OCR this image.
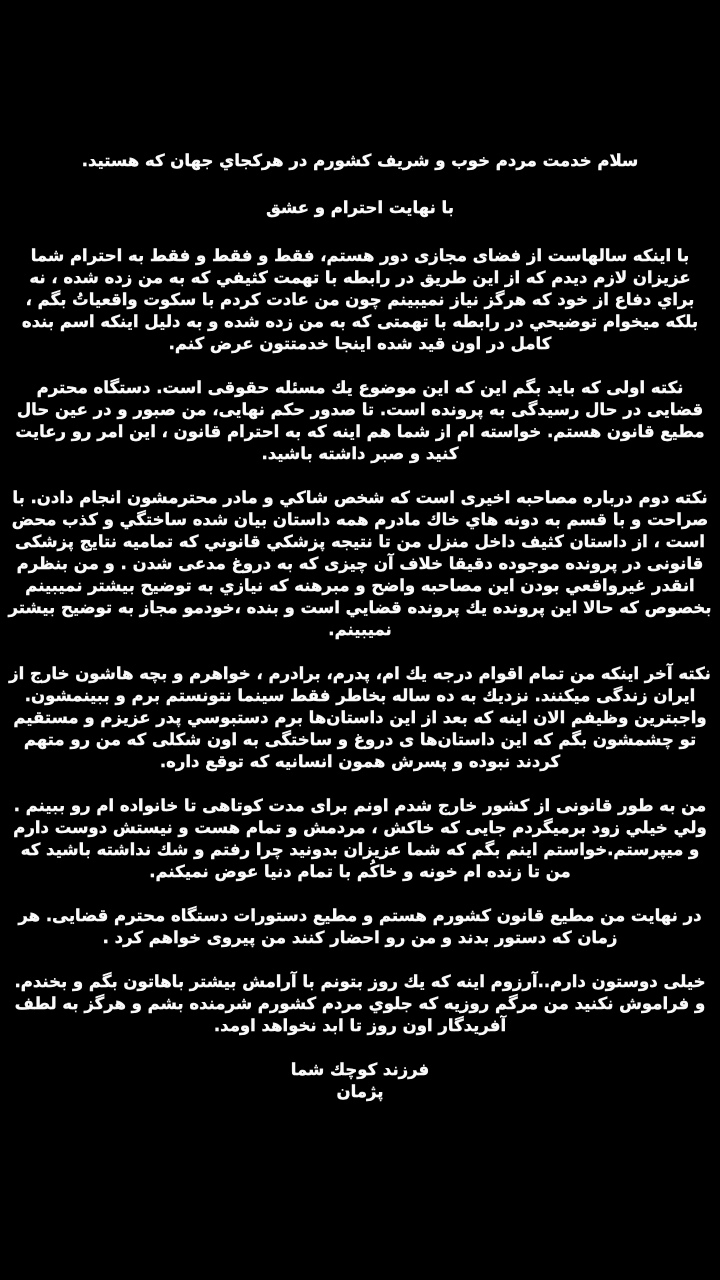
سلام خدمت مردم خوب و شريف كشورم در هركجاي جهان كه هستيد.

با نهايت احترام و عشق

با اينكه سالهاست از فضای مجازی دور هستم، فقط و فقط و فقط به احترام شما عزيزان لازم ديدم كه از اين طريق در رابطه با تهمت كثيفي كه به من زده شده ، نه براي دفاع از خود كه هرگز نياز نميبينم چون من عادت كردم با سكوت واقعياتُ بگم ، بلكه ميخوام توضيحي در رابطه با تهمتى كه به من زده شده و به دليل اينكه اسم بنده كامل در اون قيد شده اينجا خدمتتون عرض كنم.

نكته اولى كه بايد بگم اين كه اين موضوع يك مسئله حقوقى است. دستگاه محترم قضايى در حال رسيدگى به پرونده است. تا صدور حكم نهايى، من صبور و در عين حال مطيع قانون هستم. خواسته ام از شما هم اينه كه به احترام قانون ، اين امر رو رعايت كنيد و صبر داشته باشيد.

نكته دوم درباره مصاحبه اخيرى است كه شخص شاكي و مادر محترمشون انجام دادن. با صراحت و با قسم به دونه هاي خاك مادرم همه داستان بيان شده ساختگي و كذب محض است ، از داستان كثيف داخل منزل من تا نتيجه پزشكي قانوني كه تماميه نتايج پزشكى قانونى در پرونده موجوده دقيقا خلاف آن چيزى كه به دروغ مدعى شدن . و من بنظرم انقدر غيرواقعي بودن اين مصاحبه واضح و مبرهنه كه نيازي به توضيح بيشتر نميبينم بخصوص كه حالا اين پرونده يك پرونده قضايي است و بنده ،خودمو مجاز به توضيح بيشتر نميبينم.

نكته آخر اينكه من تمام اقوام درجه يك ام، پدرم، برادرم ، خواهرم و بچه هاشون خارج از ايران زندگى ميكنند. نزديك به ده ساله بخاطر فقط سينما نتونستم برم و ببينمشون. واجبترين وظيفم الان اينه كه بعد از اين داستان‌ها برم دستبوسي پدر عزيزم و مستقيم تو چشمشون بگم كه اين داستان‌ها ى دروغ و ساختگى به اون شكلى كه من رو متهم كردند نبوده و پسرش همون انسانيه كه توقع داره.

من به طور قانونى از كشور خارج شدم اونم براى مدت كوتاهى تا خانواده ام رو ببينم . ولي خيلي زود برميگردم جايى كه خاكش ، مردمش و تمام هست و نيستش دوست دارم و ميپرستم.خواستم اينم بگم كه شما عزيزان بدونيد چرا رفتم و شك نداشته باشيد كه من تا زنده ام خونه و خاكُم با تمام دنيا عوض نميكنم.

در نهايت من مطيع قانون كشورم هستم و مطيع دستورات دستگاه محترم قضايى. هر زمان كه دستور بدند و من رو احضار كنند من پيروى خواهم كرد .

خيلى دوستون دارم..آرزوم اينه كه يك روز بتونم با آرامش بيشتر باهاتون بگم و بخندم.

و فراموش نكنيد من مرگم روزيه كه جلوي مردم كشورم شرمنده بشم و هرگز به لطف آفريدگار اون روز تا ابد نخواهد اومد.

فرزند كوچك شما

پژمان
